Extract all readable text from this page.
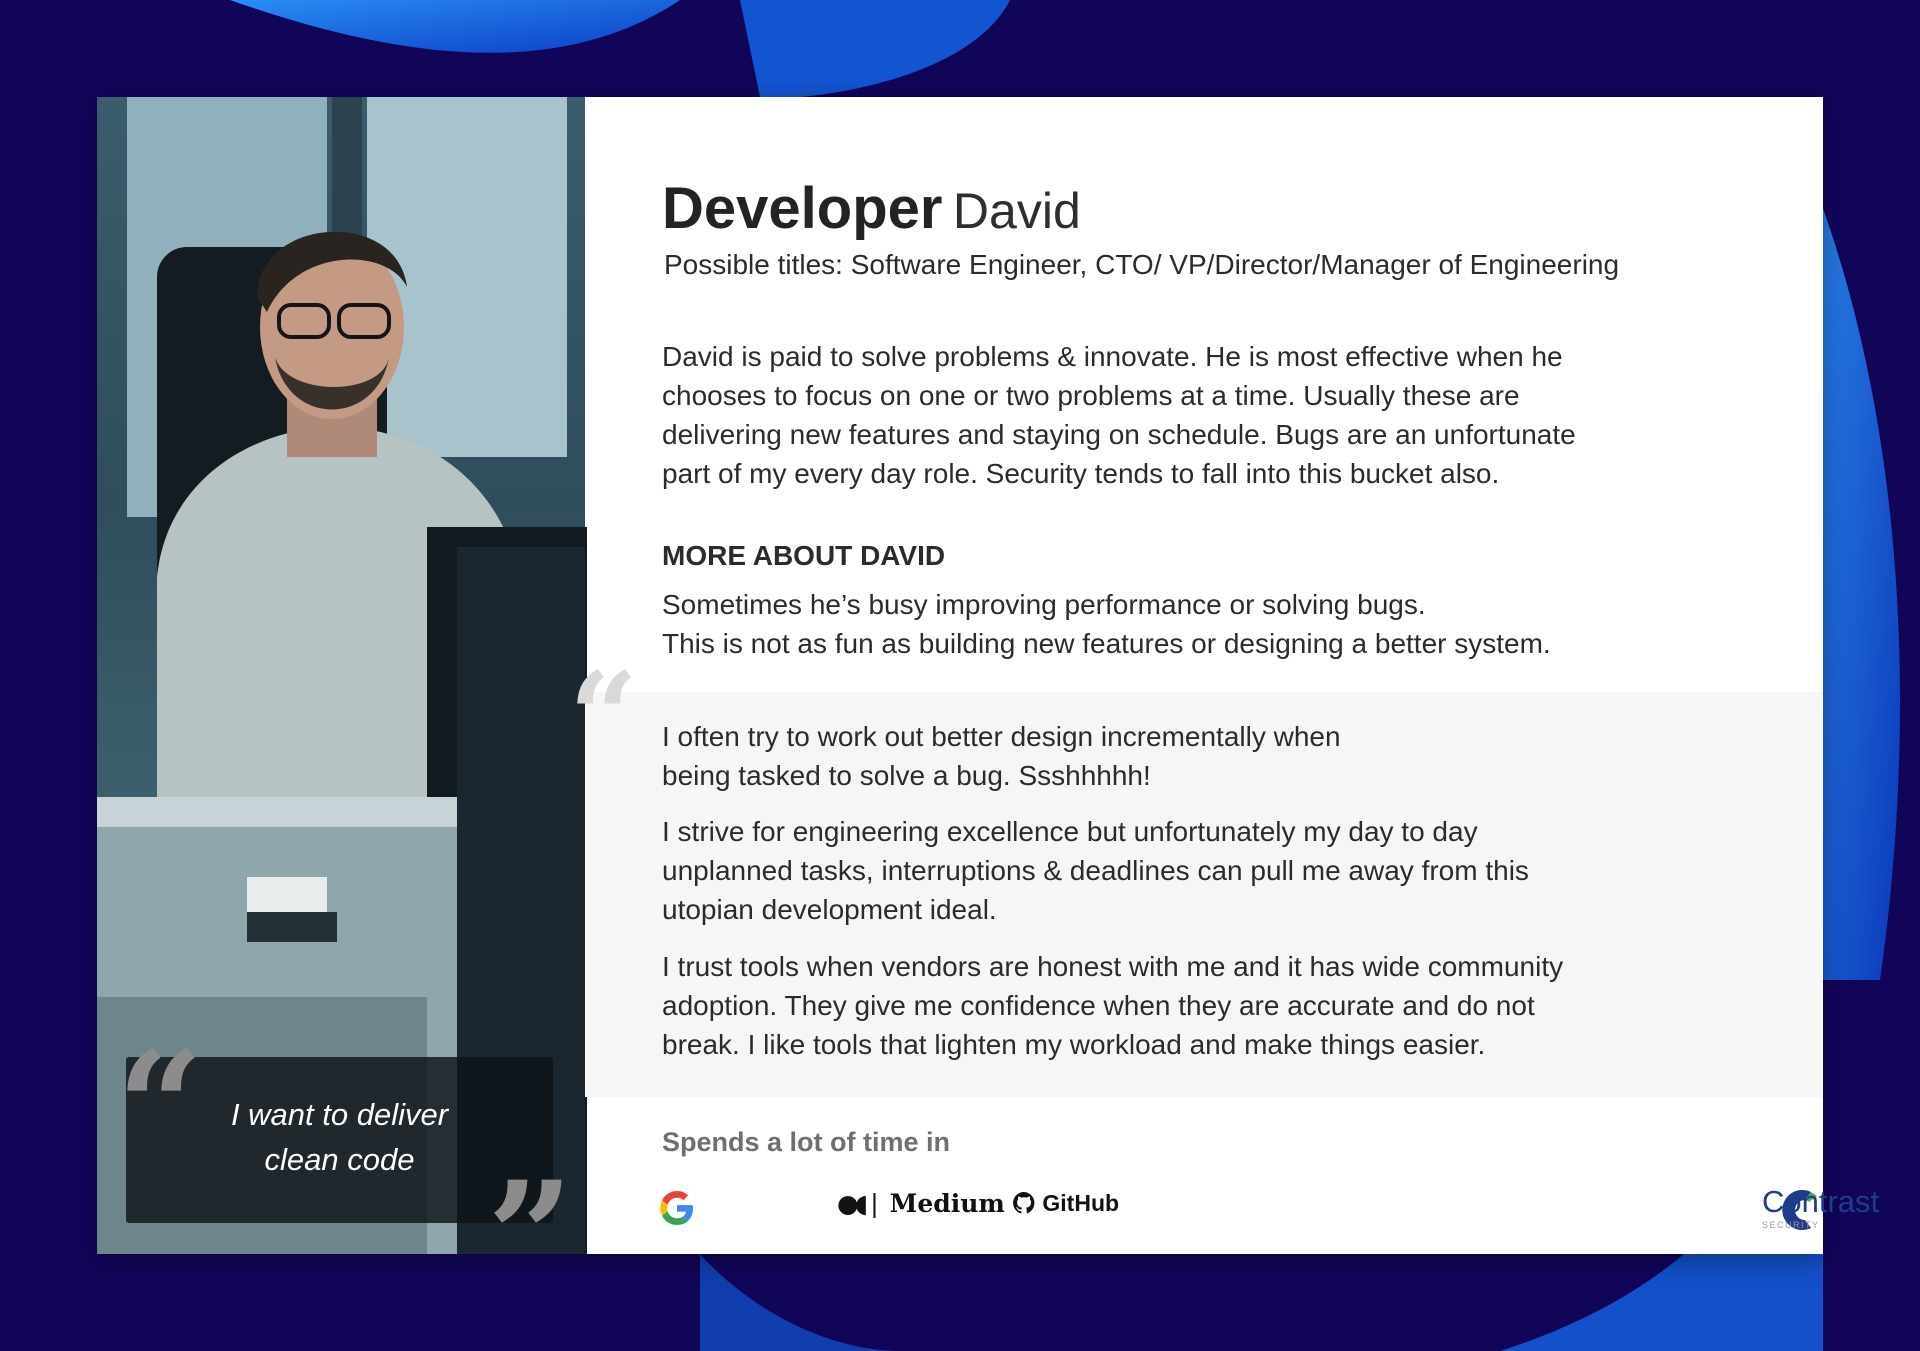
“
”
I want to deliver
clean code
“
Developer David
Possible titles: Software Engineer, CTO/ VP/Director/Manager of Engineering
David is paid to solve problems & innovate. He is most effective when he
chooses to focus on one or two problems at a time. Usually these are
delivering new features and staying on schedule. Bugs are an unfortunate
part of my every day role. Security tends to fall into this bucket also.
MORE ABOUT DAVID
Sometimes he’s busy improving performance or solving bugs.
This is not as fun as building new features or designing a better system.
I often try to work out better design incrementally when
being tasked to solve a bug. Ssshhhhh!
I strive for engineering excellence but unfortunately my day to day
unplanned tasks, interruptions & deadlines can pull me away from this
utopian development ideal.
I trust tools when vendors are honest with me and it has wide community
adoption. They give me confidence when they are accurate and do not
break. I like tools that lighten my workload and make things easier.
Spends a lot of time in
●◖❘ Medium	GitHub	Contrast
SECURITY
